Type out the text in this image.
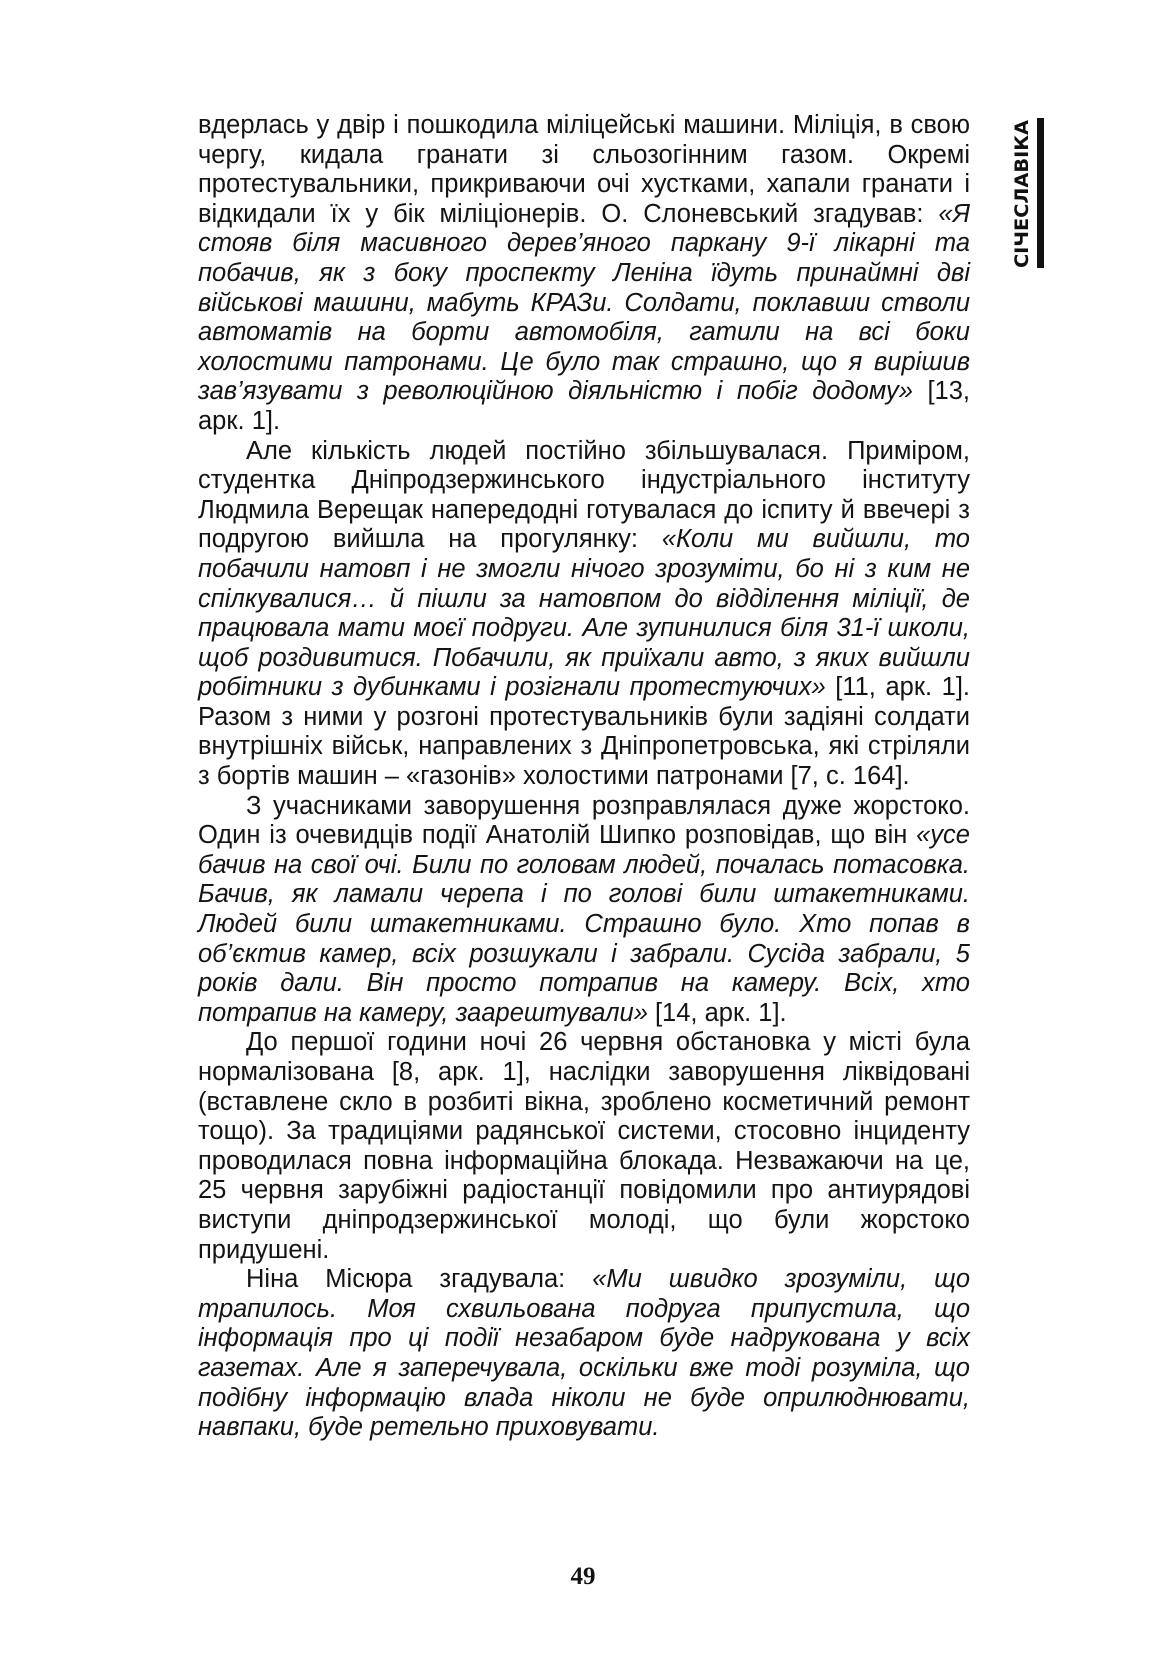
СІЧЕСЛАВІКА

вдерлась у двір і пошкодила міліцейські машини. Міліція, в свою чергу, кидала гранати зі сльозогінним газом. Окремі протестувальники, прикриваючи очі хустками, хапали гранати і відкидали їх у бік міліціонерів. О. Слоневський згадував: «Я стояв біля масивного дерев’яного паркану 9-ї лікарні та побачив, як з боку проспекту Леніна їдуть принаймні дві військові машини, мабуть КРАЗи. Солдати, поклавши стволи автоматів на борти автомобіля, гатили на всі боки холостими патронами. Це було так страшно, що я вирішив зав’язувати з революційною діяльністю і побіг додому» [13, арк. 1].

Але кількість людей постійно збільшувалася. Приміром, студентка Дніпродзержинського індустріального інституту Людмила Верещак напередодні готувалася до іспиту й ввечері з подругою вийшла на прогулянку: «Коли ми вийшли, то побачили натовп і не змогли нічого зрозуміти, бо ні з ким не спілкувалися… й пішли за натовпом до відділення міліції, де працювала мати моєї подруги. Але зупинилися біля 31-ї школи, щоб роздивитися. Побачили, як приїхали авто, з яких вийшли робітники з дубинками і розігнали протестуючих» [11, арк. 1]. Разом з ними у розгоні протестувальників були задіяні солдати внутрішніх військ, направлених з Дніпропетровська, які стріляли з бортів машин – «газонів» холостими патронами [7, с. 164].

З учасниками заворушення розправлялася дуже жорстоко. Один із очевидців події Анатолій Шипко розповідав, що він «усе бачив на свої очі. Били по головам людей, почалась потасовка. Бачив, як ламали черепа і по голові били штакетниками. Людей били штакетниками. Страшно було. Хто попав в об’єктив камер, всіх розшукали і забрали. Сусіда забрали, 5 років дали. Він просто потрапив на камеру. Всіх, хто потрапив на камеру, заарештували» [14, арк. 1].

До першої години ночі 26 червня обстановка у місті була нормалізована [8, арк. 1], наслідки заворушення ліквідовані (вставлене скло в розбиті вікна, зроблено косметичний ремонт тощо). За традиціями радянської системи, стосовно інциденту проводилася повна інформаційна блокада. Незважаючи на це, 25 червня зарубіжні радіостанції повідомили про антиурядові виступи дніпродзержинської молоді, що були жорстоко придушені.

Ніна Місюра згадувала: «Ми швидко зрозуміли, що трапилось. Моя схвильована подруга припустила, що інформація про ці події незабаром буде надрукована у всіх газетах. Але я заперечувала, оскільки вже тоді розуміла, що подібну інформацію влада ніколи не буде оприлюднювати, навпаки, буде ретельно приховувати.

49
